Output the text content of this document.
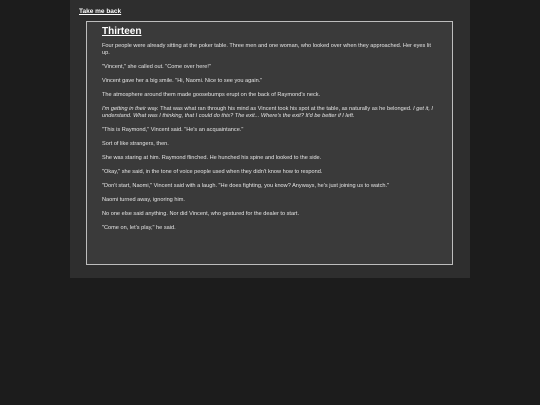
Take me back
Thirteen

Four people were already sitting at the poker table. Three men and one woman, who looked over when they approached. Her eyes lit up.

"Vincent," she called out. "Come over here!"

Vincent gave her a big smile. "Hi, Naomi. Nice to see you again."

The atmosphere around them made goosebumps erupt on the back of Raymond's neck.

I'm getting in their way. That was what ran through his mind as Vincent took his spot at the table, as naturally as he belonged. I get it, I understand. What was I thinking, that I could do this? The exit... Where's the exit? It'd be better if I left.

"This is Raymond," Vincent said. "He's an acquaintance."

Sort of like strangers, then.

She was staring at him. Raymond flinched. He hunched his spine and looked to the side.

"Okay," she said, in the tone of voice people used when they didn't know how to respond.

"Don't start, Naomi," Vincent said with a laugh. "He does fighting, you know? Anyways, he's just joining us to watch."

Naomi turned away, ignoring him.

No one else said anything. Nor did Vincent, who gestured for the dealer to start.

"Come on, let's play," he said.
